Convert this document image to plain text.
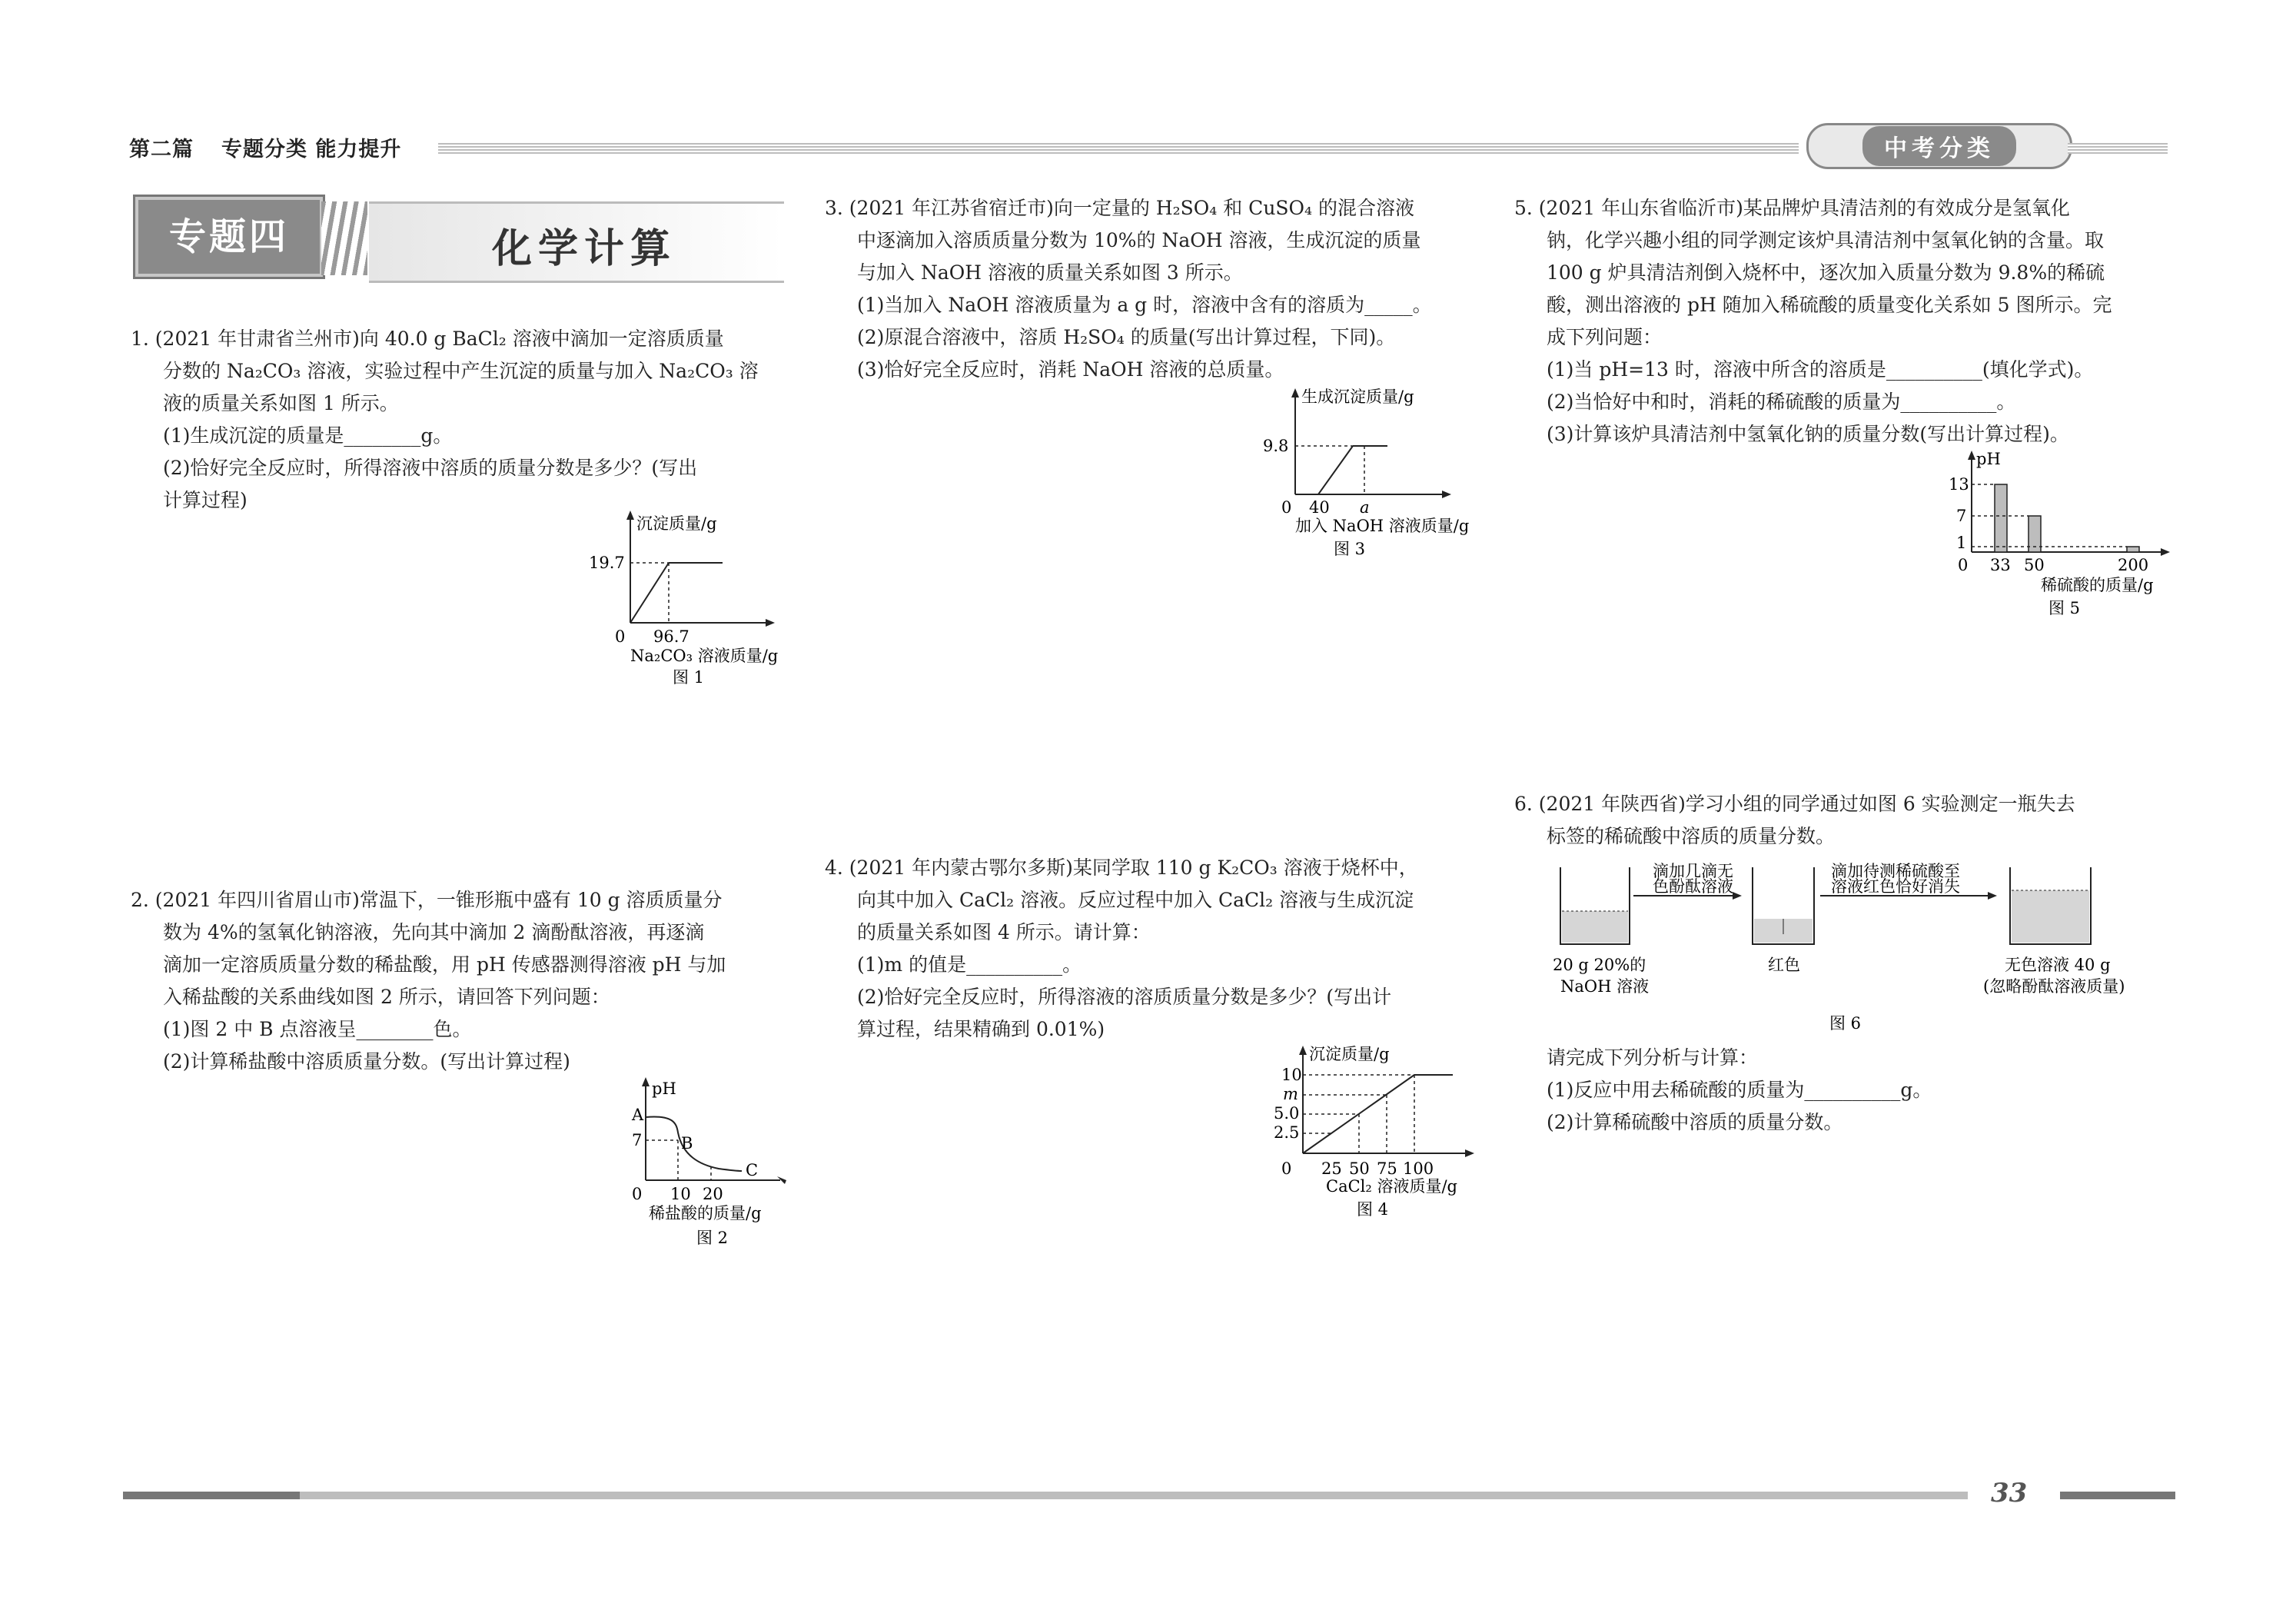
第二篇 专题分类 能力提升	中考分类
专题四	化学计算

1. (2021 年甘肃省兰州市)向 40.0 g BaCl₂ 溶液中滴加一定溶质质量

分数的 Na₂CO₃ 溶液，实验过程中产生沉淀的质量与加入 Na₂CO₃ 溶

液的质量关系如图 1 所示。

(1)生成沉淀的质量是________g。

(2)恰好完全反应时，所得溶液中溶质的质量分数是多少？(写出

计算过程)

沉淀质量/g
19.7
0 96.7
Na₂CO₃ 溶液质量/g
图 1

2. (2021 年四川省眉山市)常温下，一锥形瓶中盛有 10 g 溶质质量分

数为 4%的氢氧化钠溶液，先向其中滴加 2 滴酚酞溶液，再逐滴

滴加一定溶质质量分数的稀盐酸，用 pH 传感器测得溶液 pH 与加

入稀盐酸的关系曲线如图 2 所示，请回答下列问题：

(1)图 2 中 B 点溶液呈________色。

(2)计算稀盐酸中溶质质量分数。(写出计算过程)

pH
A
7 B
C
0 10 20
稀盐酸的质量/g
图 2

3. (2021 年江苏省宿迁市)向一定量的 H₂SO₄ 和 CuSO₄ 的混合溶液

中逐滴加入溶质质量分数为 10%的 NaOH 溶液，生成沉淀的质量

与加入 NaOH 溶液的质量关系如图 3 所示。

(1)当加入 NaOH 溶液质量为 a g 时，溶液中含有的溶质为_____。

(2)原混合溶液中，溶质 H₂SO₄ 的质量(写出计算过程，下同)。

(3)恰好完全反应时，消耗 NaOH 溶液的总质量。

生成沉淀质量/g
9.8
0 40 a
加入 NaOH 溶液质量/g
图 3

4. (2021 年内蒙古鄂尔多斯)某同学取 110 g K₂CO₃ 溶液于烧杯中，

向其中加入 CaCl₂ 溶液。反应过程中加入 CaCl₂ 溶液与生成沉淀

的质量关系如图 4 所示。请计算：

(1)m 的值是__________。

(2)恰好完全反应时，所得溶液的溶质质量分数是多少？(写出计

算过程，结果精确到 0.01%)

沉淀质量/g
10
m
5.0
2.5
0 25 50 75 100
CaCl₂ 溶液质量/g
图 4

5. (2021 年山东省临沂市)某品牌炉具清洁剂的有效成分是氢氧化

钠，化学兴趣小组的同学测定该炉具清洁剂中氢氧化钠的含量。取

100 g 炉具清洁剂倒入烧杯中，逐次加入质量分数为 9.8%的稀硫

酸，测出溶液的 pH 随加入稀硫酸的质量变化关系如 5 图所示。完

成下列问题：

(1)当 pH=13 时，溶液中所含的溶质是__________(填化学式)。

(2)当恰好中和时，消耗的稀硫酸的质量为__________。

(3)计算该炉具清洁剂中氢氧化钠的质量分数(写出计算过程)。

pH
13
7
1
0 33 50	200
稀硫酸的质量/g
图 5

6. (2021 年陕西省)学习小组的同学通过如图 6 实验测定一瓶失去

标签的稀硫酸中溶质的质量分数。

滴加几滴无
色酚酞溶液
滴加待测稀硫酸至
溶液红色恰好消失
20 g 20%的
NaOH 溶液
红色	无色溶液 40 g
(忽略酚酞溶液质量)
图 6

请完成下列分析与计算：

(1)反应中用去稀硫酸的质量为__________g。

(2)计算稀硫酸中溶质的质量分数。

33
